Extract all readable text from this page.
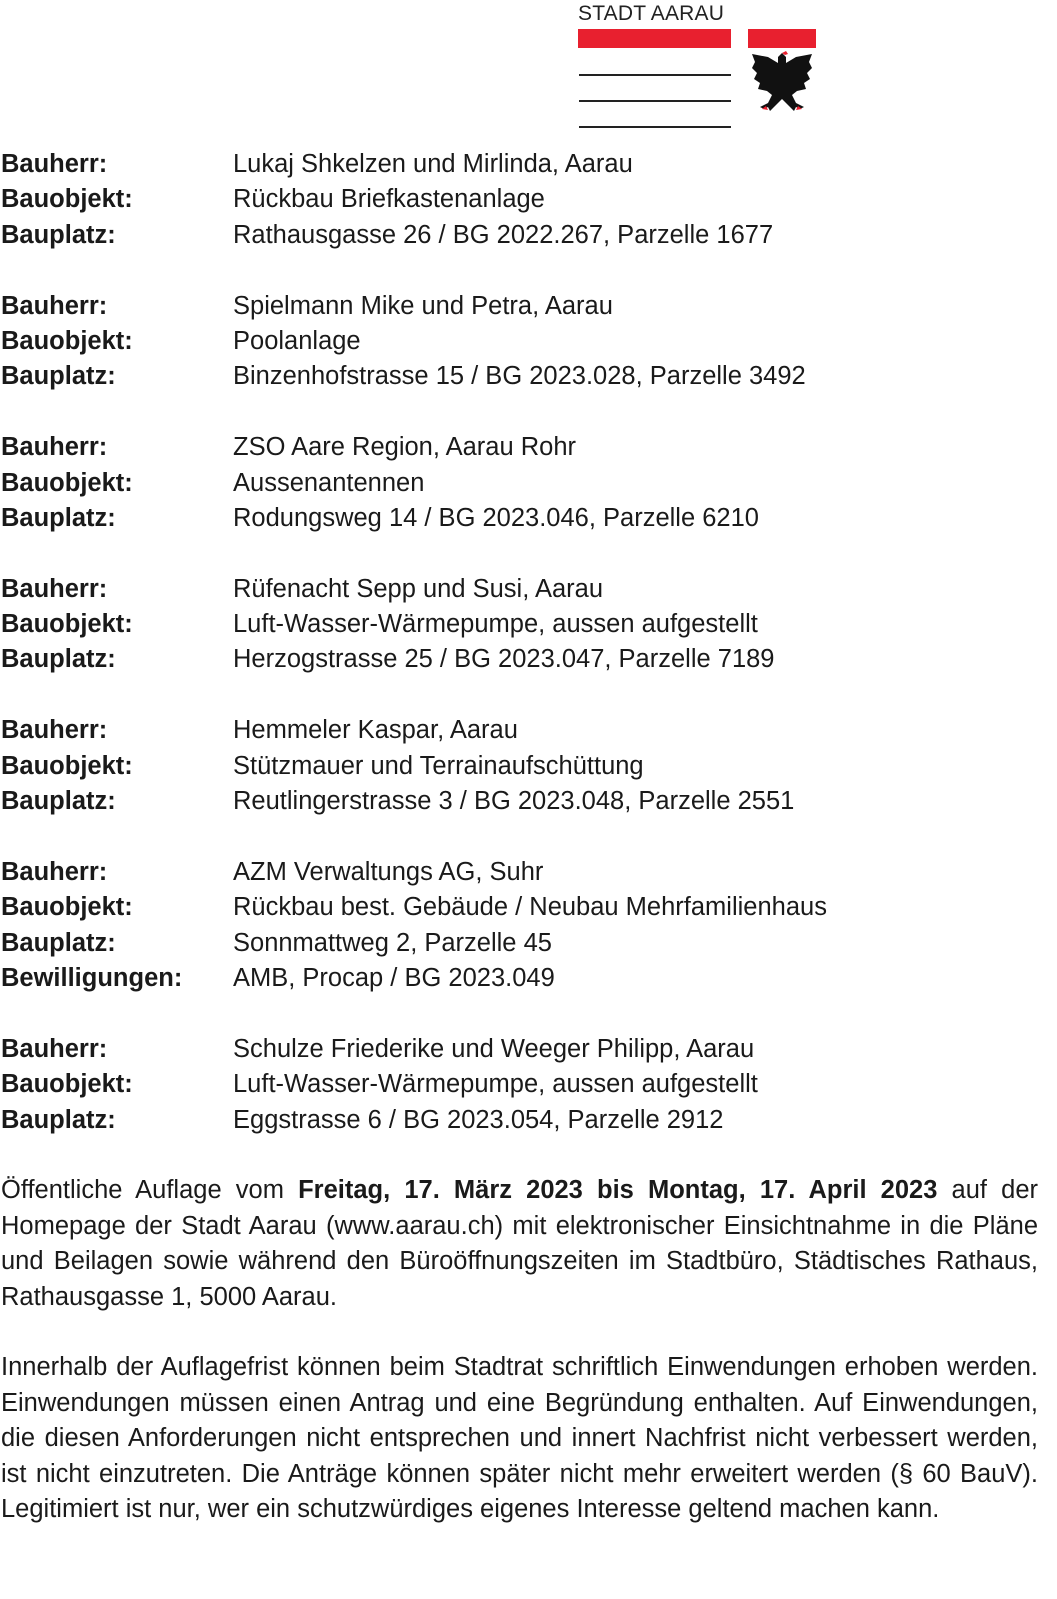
STADT AARAU
Bauherr:	Lukaj Shkelzen und Mirlinda, Aarau
Bauobjekt:	Rückbau Briefkastenanlage
Bauplatz:	Rathausgasse 26 / BG 2022.267, Parzelle 1677
Bauherr:	Spielmann Mike und Petra, Aarau
Bauobjekt:	Poolanlage
Bauplatz:	Binzenhofstrasse 15 / BG 2023.028, Parzelle 3492
Bauherr:	ZSO Aare Region, Aarau Rohr
Bauobjekt:	Aussenantennen
Bauplatz:	Rodungsweg 14 / BG 2023.046, Parzelle 6210
Bauherr:	Rüfenacht Sepp und Susi, Aarau
Bauobjekt:	Luft-Wasser-Wärmepumpe, aussen aufgestellt
Bauplatz:	Herzogstrasse 25 / BG 2023.047, Parzelle 7189
Bauherr:	Hemmeler Kaspar, Aarau
Bauobjekt:	Stützmauer und Terrainaufschüttung
Bauplatz:	Reutlingerstrasse 3 / BG 2023.048, Parzelle 2551
Bauherr:	AZM Verwaltungs AG, Suhr
Bauobjekt:	Rückbau best. Gebäude / Neubau Mehrfamilienhaus
Bauplatz:	Sonnmattweg 2, Parzelle 45
Bewilligungen:	AMB, Procap / BG 2023.049
Bauherr:	Schulze Friederike und Weeger Philipp, Aarau
Bauobjekt:	Luft-Wasser-Wärmepumpe, aussen aufgestellt
Bauplatz:	Eggstrasse 6 / BG 2023.054, Parzelle 2912

Öffentliche Auflage vom Freitag, 17. März 2023 bis Montag, 17. April 2023 auf der Homepage der Stadt Aarau (www.aarau.ch) mit elektronischer Einsichtnahme in die Pläne und Beilagen sowie während den Büroöffnungszeiten im Stadtbüro, Städtisches Rathaus, Rathausgasse 1, 5000 Aarau.

Innerhalb der Auflagefrist können beim Stadtrat schriftlich Einwendungen erhoben werden. Einwendungen müssen einen Antrag und eine Begründung enthalten. Auf Einwendungen, die diesen Anforderungen nicht entsprechen und innert Nachfrist nicht verbessert werden, ist nicht einzutreten. Die Anträge können später nicht mehr erweitert werden (§ 60 BauV). Legitimiert ist nur, wer ein schutzwürdiges eigenes Interesse geltend machen kann.
